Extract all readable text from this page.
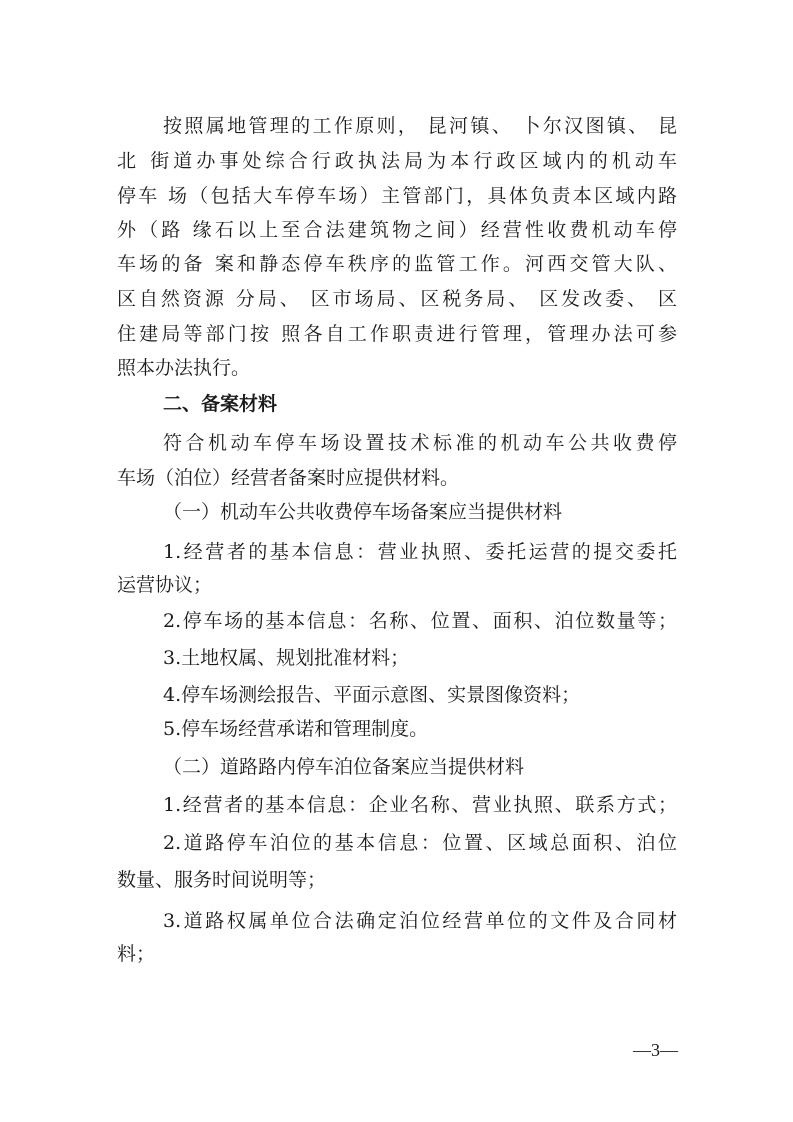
按照属地管理的工作原则， 昆河镇、 卜尔汉图镇、 昆
北 街道办事处综合行政执法局为本行政区域内的机动车
停车 场（包括大车停车场）主管部门，具体负责本区域内路
外（路 缘石以上至合法建筑物之间）经营性收费机动车停
车场的备 案和静态停车秩序的监管工作。河西交管大队、
区自然资源 分局、 区市场局、区税务局、 区发改委、 区
住建局等部门按 照各自工作职责进行管理，管理办法可参
照本办法执行。
二、备案材料
符合机动车停车场设置技术标准的机动车公共收费停
车场（泊位）经营者备案时应提供材料。
（一）机动车公共收费停车场备案应当提供材料
1.经营者的基本信息：营业执照、委托运营的提交委托
运营协议；
2.停车场的基本信息：名称、位置、面积、泊位数量等；
3.土地权属、规划批准材料；
4.停车场测绘报告、平面示意图、实景图像资料；
5.停车场经营承诺和管理制度。
（二）道路路内停车泊位备案应当提供材料
1.经营者的基本信息：企业名称、营业执照、联系方式；
2.道路停车泊位的基本信息：位置、区域总面积、泊位
数量、服务时间说明等；
3.道路权属单位合法确定泊位经营单位的文件及合同材
料；
—3—
